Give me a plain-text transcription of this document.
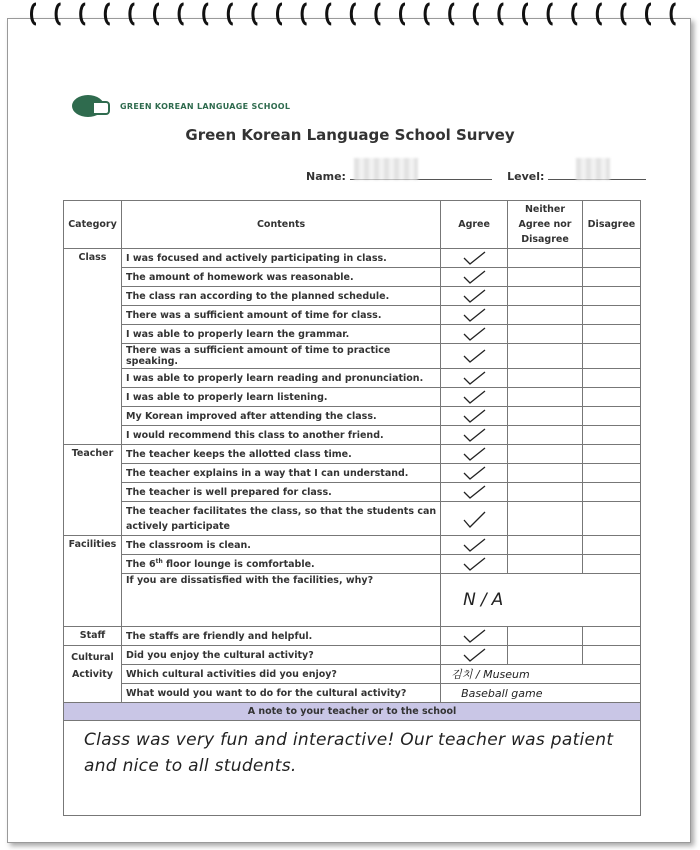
GREEN KOREAN LANGUAGE SCHOOL
Green Korean Language School Survey
Name:	Level:
Category	Contents	Agree	Neither Agree nor Disagree	Disagree
Class	I was focused and actively participating in class.	

	The amount of homework was reasonable.	

	The class ran according to the planned schedule.	

	There was a sufficient amount of time for class.	

	I was able to properly learn the grammar.	

	There was a sufficient amount of time to practice speaking.	

	I was able to properly learn reading and pronunciation.	

	I was able to properly learn listening.	

	My Korean improved after attending the class.	

	I would recommend this class to another friend.	

Teacher	The teacher keeps the allotted class time.	

	The teacher explains in a way that I can understand.	

	The teacher is well prepared for class.	

	The teacher facilitates the class, so that the students can actively participate	

Facilities	The classroom is clean.	

	The 6th floor lounge is comfortable.	

	If you are dissatisfied with the facilities, why?	N/A		
Staff	The staffs are friendly and helpful.	

Cultural Activity	Did you enjoy the cultural activity?	

	Which cultural activities did you enjoy?	김치 / Museum		
	What would you want to do for the cultural activity?	Baseball game		
A note to your teacher or to the school				
Class was very fun and interactive! Our teacher was patient and nice to all students.				
